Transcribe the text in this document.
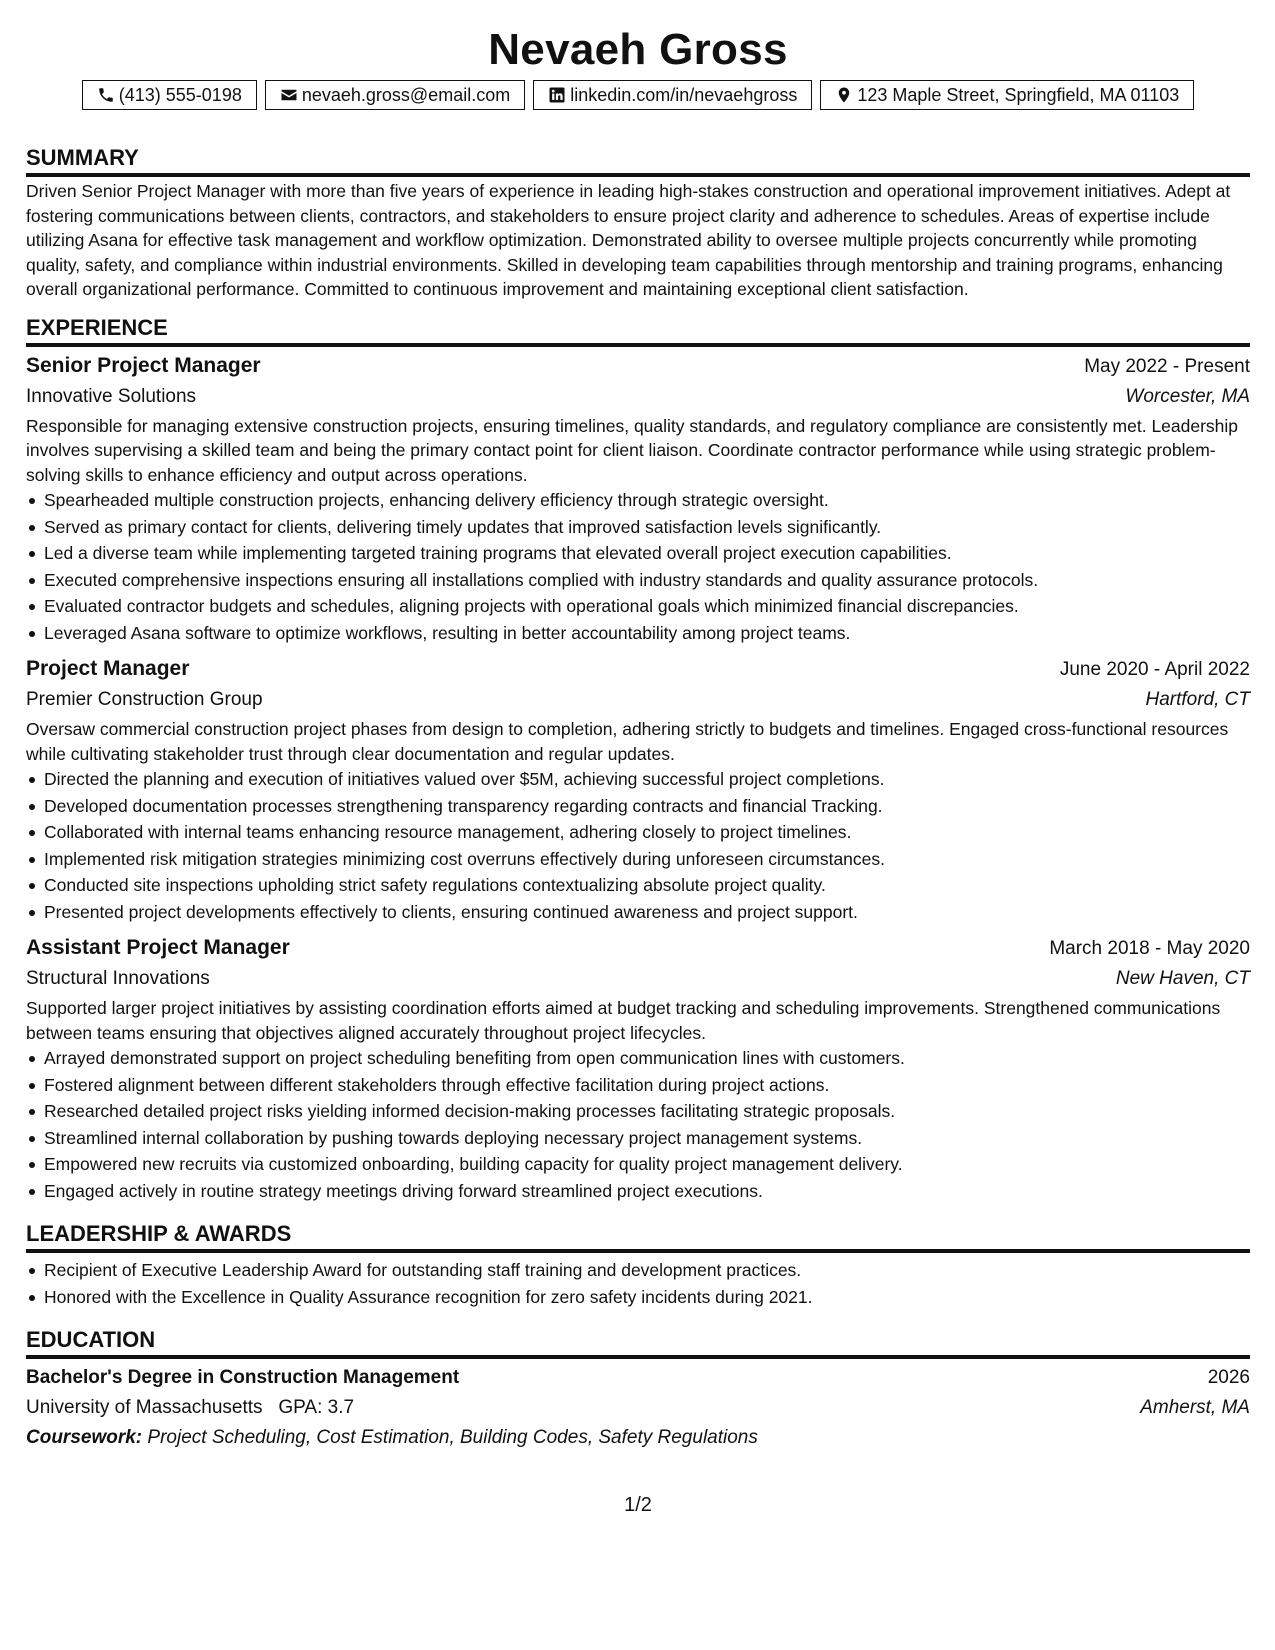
Nevaeh Gross
(413) 555-0198	nevaeh.gross@email.com	linkedin.com/in/nevaehgross	123 Maple Street, Springfield, MA 01103
SUMMARY

Driven Senior Project Manager with more than five years of experience in leading high-stakes construction and operational improvement initiatives. Adept at fostering communications between clients, contractors, and stakeholders to ensure project clarity and adherence to schedules. Areas of expertise include utilizing Asana for effective task management and workflow optimization. Demonstrated ability to oversee multiple projects concurrently while promoting quality, safety, and compliance within industrial environments. Skilled in developing team capabilities through mentorship and training programs, enhancing overall organizational performance. Committed to continuous improvement and maintaining exceptional client satisfaction.

EXPERIENCE
Senior Project Manager	May 2022 - Present
Innovative Solutions	Worcester, MA

Responsible for managing extensive construction projects, ensuring timelines, quality standards, and regulatory compliance are consistently met. Leadership involves supervising a skilled team and being the primary contact point for client liaison. Coordinate contractor performance while using strategic problem-solving skills to enhance efficiency and output across operations.

Spearheaded multiple construction projects, enhancing delivery efficiency through strategic oversight.
Served as primary contact for clients, delivering timely updates that improved satisfaction levels significantly.
Led a diverse team while implementing targeted training programs that elevated overall project execution capabilities.
Executed comprehensive inspections ensuring all installations complied with industry standards and quality assurance protocols.
Evaluated contractor budgets and schedules, aligning projects with operational goals which minimized financial discrepancies.
Leveraged Asana software to optimize workflows, resulting in better accountability among project teams.
Project Manager	June 2020 - April 2022
Premier Construction Group	Hartford, CT

Oversaw commercial construction project phases from design to completion, adhering strictly to budgets and timelines. Engaged cross-functional resources while cultivating stakeholder trust through clear documentation and regular updates.

Directed the planning and execution of initiatives valued over $5M, achieving successful project completions.
Developed documentation processes strengthening transparency regarding contracts and financial Tracking.
Collaborated with internal teams enhancing resource management, adhering closely to project timelines.
Implemented risk mitigation strategies minimizing cost overruns effectively during unforeseen circumstances.
Conducted site inspections upholding strict safety regulations contextualizing absolute project quality.
Presented project developments effectively to clients, ensuring continued awareness and project support.
Assistant Project Manager	March 2018 - May 2020
Structural Innovations	New Haven, CT

Supported larger project initiatives by assisting coordination efforts aimed at budget tracking and scheduling improvements. Strengthened communications between teams ensuring that objectives aligned accurately throughout project lifecycles.

Arrayed demonstrated support on project scheduling benefiting from open communication lines with customers.
Fostered alignment between different stakeholders through effective facilitation during project actions.
Researched detailed project risks yielding informed decision-making processes facilitating strategic proposals.
Streamlined internal collaboration by pushing towards deploying necessary project management systems.
Empowered new recruits via customized onboarding, building capacity for quality project management delivery.
Engaged actively in routine strategy meetings driving forward streamlined project executions.
LEADERSHIP & AWARDS
Recipient of Executive Leadership Award for outstanding staff training and development practices.
Honored with the Excellence in Quality Assurance recognition for zero safety incidents during 2021.
EDUCATION
Bachelor's Degree in Construction Management	2026
University of Massachusetts GPA: 3.7	Amherst, MA
Coursework: Project Scheduling, Cost Estimation, Building Codes, Safety Regulations
1/2
